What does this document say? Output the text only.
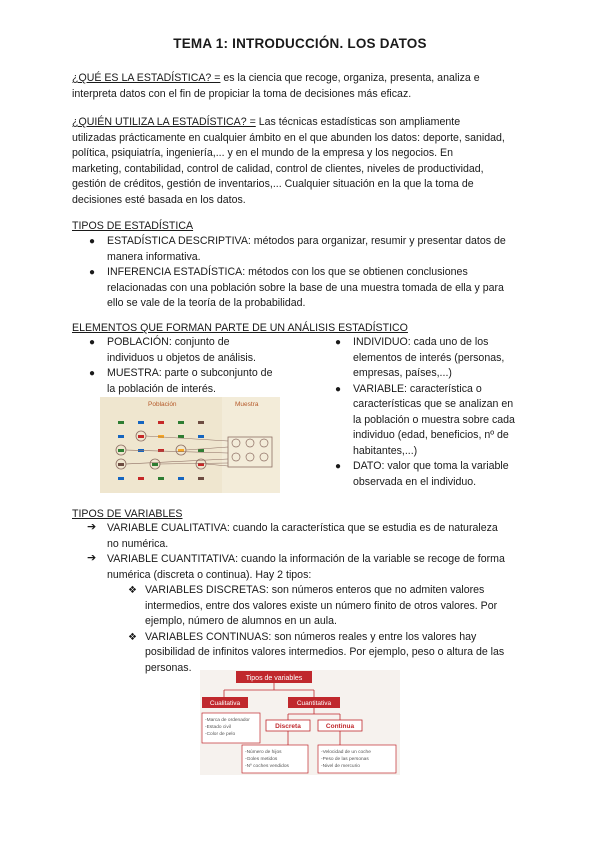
TEMA 1: INTRODUCCIÓN. LOS DATOS
¿QUÉ ES LA ESTADÍSTICA? = es la ciencia que recoge, organiza, presenta, analiza e
interpreta datos con el fin de propiciar la toma de decisiones más eficaz.
¿QUIÉN UTILIZA LA ESTADÍSTICA? = Las técnicas estadísticas son ampliamente
utilizadas prácticamente en cualquier ámbito en el que abunden los datos: deporte, sanidad,
política, psiquiatría, ingeniería,... y en el mundo de la empresa y los negocios. En
marketing, contabilidad, control de calidad, control de clientes, niveles de productividad,
gestión de créditos, gestión de inventarios,... Cualquier situación en la que la toma de
decisiones esté basada en los datos.
TIPOS DE ESTADÍSTICA
● ESTADÍSTICA DESCRIPTIVA: métodos para organizar, resumir y presentar datos de
manera informativa.
● INFERENCIA ESTADÍSTICA: métodos con los que se obtienen conclusiones
relacionadas con una población sobre la base de una muestra tomada de ella y para
ello se vale de la teoría de la probabilidad.
ELEMENTOS QUE FORMAN PARTE DE UN ANÁLISIS ESTADÍSTICO
● POBLACIÓN: conjunto de
individuos u objetos de análisis.
● MUESTRA: parte o subconjunto de
la población de interés.
● INDIVIDUO: cada uno de los
elementos de interés (personas,
empresas, países,...)
● VARIABLE: característica o
características que se analizan en
la población o muestra sobre cada
individuo (edad, beneficios, nº de
habitantes,...)
● DATO: valor que toma la variable
observada en el individuo.
Población	Muestra
TIPOS DE VARIABLES
➔ VARIABLE CUALITATIVA: cuando la característica que se estudia es de naturaleza
no numérica.
➔ VARIABLE CUANTITATIVA: cuando la información de la variable se recoge de forma
numérica (discreta o continua). Hay 2 tipos:
❖ VARIABLES DISCRETAS: son números enteros que no admiten valores
intermedios, entre dos valores existe un número finito de otros valores. Por
ejemplo, número de alumnos en un aula.
❖ VARIABLES CONTINUAS: son números reales y entre los valores hay
posibilidad de infinitos valores intermedios. Por ejemplo, peso o altura de las
personas.
Tipos de variables
Cualitativa	Cuantitativa
-Marca de ordenador
-Estado civil
-Color de pelo
Discreta	Continua
-Número de hijos
-Goles metidos
-Nº coches vendidos
-Velocidad de un coche
-Peso de las personas
-Nivel de mercurio
